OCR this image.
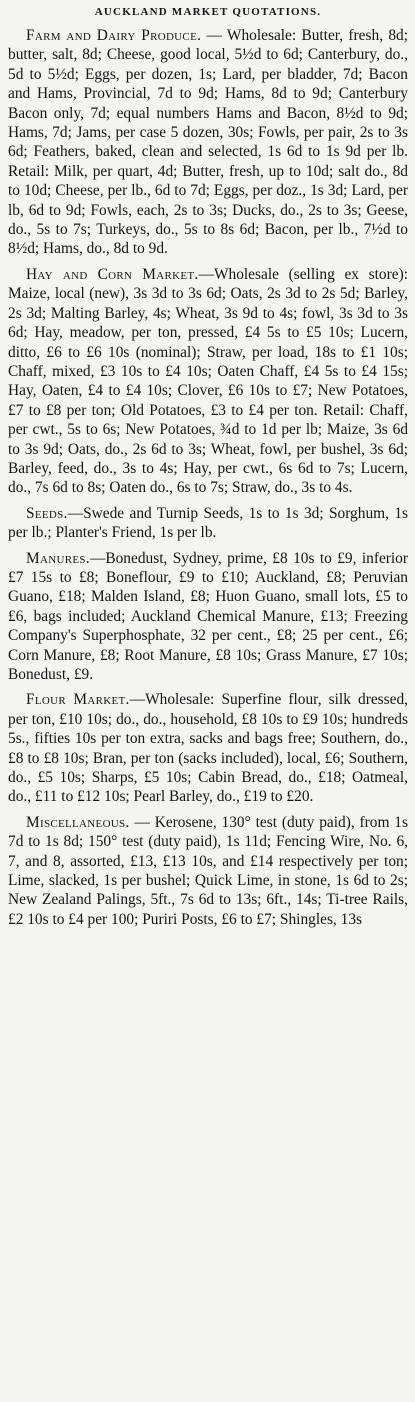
AUCKLAND MARKET QUOTATIONS.

Farm and Dairy Produce. — Wholesale: Butter, fresh, 8d; butter, salt, 8d; Cheese, good local, 5½d to 6d; Canterbury, do., 5d to 5½d; Eggs, per dozen, 1s; Lard, per bladder, 7d; Bacon and Hams, Provincial, 7d to 9d; Hams, 8d to 9d; Canterbury Bacon only, 7d; equal numbers Hams and Bacon, 8½d to 9d; Hams, 7d; Jams, per case 5 dozen, 30s; Fowls, per pair, 2s to 3s 6d; Feathers, baked, clean and selected, 1s 6d to 1s 9d per lb. Retail: Milk, per quart, 4d; Butter, fresh, up to 10d; salt do., 8d to 10d; Cheese, per lb., 6d to 7d; Eggs, per doz., 1s 3d; Lard, per lb, 6d to 9d; Fowls, each, 2s to 3s; Ducks, do., 2s to 3s; Geese, do., 5s to 7s; Turkeys, do., 5s to 8s 6d; Bacon, per lb., 7½d to 8½d; Hams, do., 8d to 9d.

Hay and Corn Market.—Wholesale (selling ex store): Maize, local (new), 3s 3d to 3s 6d; Oats, 2s 3d to 2s 5d; Barley, 2s 3d; Malting Barley, 4s; Wheat, 3s 9d to 4s; fowl, 3s 3d to 3s 6d; Hay, meadow, per ton, pressed, £4 5s to £5 10s; Lucern, ditto, £6 to £6 10s (nominal); Straw, per load, 18s to £1 10s; Chaff, mixed, £3 10s to £4 10s; Oaten Chaff, £4 5s to £4 15s; Hay, Oaten, £4 to £4 10s; Clover, £6 10s to £7; New Potatoes, £7 to £8 per ton; Old Potatoes, £3 to £4 per ton. Retail: Chaff, per cwt., 5s to 6s; New Potatoes, ¾d to 1d per lb; Maize, 3s 6d to 3s 9d; Oats, do., 2s 6d to 3s; Wheat, fowl, per bushel, 3s 6d; Barley, feed, do., 3s to 4s; Hay, per cwt., 6s 6d to 7s; Lucern, do., 7s 6d to 8s; Oaten do., 6s to 7s; Straw, do., 3s to 4s.

Seeds.—Swede and Turnip Seeds, 1s to 1s 3d; Sorghum, 1s per lb.; Planter's Friend, 1s per lb.

Manures.—Bonedust, Sydney, prime, £8 10s to £9, inferior £7 15s to £8; Boneflour, £9 to £10; Auckland, £8; Peruvian Guano, £18; Malden Island, £8; Huon Guano, small lots, £5 to £6, bags included; Auckland Chemical Manure, £13; Freezing Company's Superphosphate, 32 per cent., £8; 25 per cent., £6; Corn Manure, £8; Root Manure, £8 10s; Grass Manure, £7 10s; Bonedust, £9.

Flour Market.—Wholesale: Superfine flour, silk dressed, per ton, £10 10s; do., do., household, £8 10s to £9 10s; hundreds 5s., fifties 10s per ton extra, sacks and bags free; Southern, do., £8 to £8 10s; Bran, per ton (sacks included), local, £6; Southern, do., £5 10s; Sharps, £5 10s; Cabin Bread, do., £18; Oatmeal, do., £11 to £12 10s; Pearl Barley, do., £19 to £20.

Miscellaneous. — Kerosene, 130° test (duty paid), from 1s 7d to 1s 8d; 150° test (duty paid), 1s 11d; Fencing Wire, No. 6, 7, and 8, assorted, £13, £13 10s, and £14 respectively per ton; Lime, slacked, 1s per bushel; Quick Lime, in stone, 1s 6d to 2s; New Zealand Palings, 5ft., 7s 6d to 13s; 6ft., 14s; Ti-tree Rails, £2 10s to £4 per 100; Puriri Posts, £6 to £7; Shingles, 13s
